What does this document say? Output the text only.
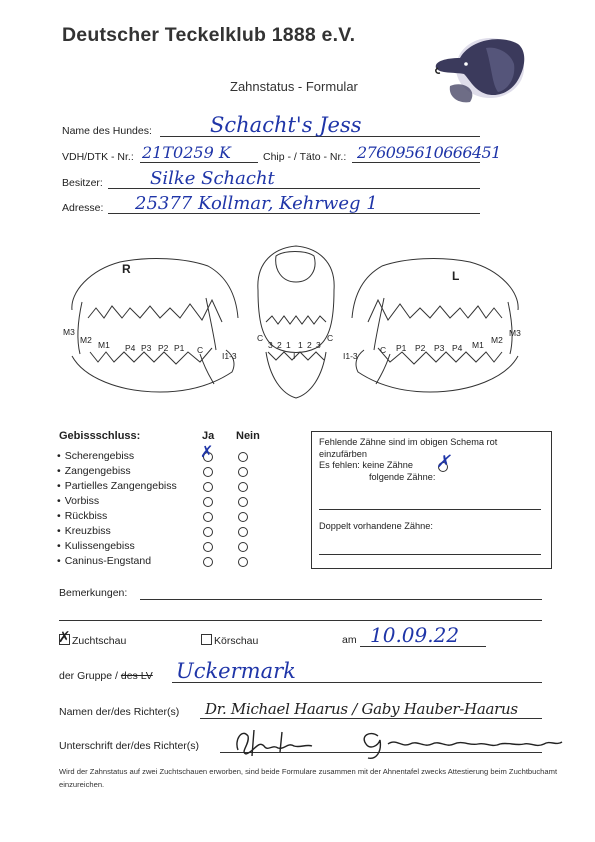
Deutscher Teckelklub 1888 e.V.
Zahnstatus - Formular
Name des Hundes:	Schacht's Jess
VDH/DTK - Nr.: 21T0259 K	Chip - / Täto - Nr.: 276095610666451
Besitzer:	Silke Schacht
Adresse: 25377 Kollmar, Kehrweg 1
R	L
M3
M2 M1 P4 P3 P2 P1 C
I1-3
C
3 2 1 1 2 3
C
I	I1-3
C P1 P2 P3 P4 M1 M2
M3
Gebissschluss:	Ja Nein
• Scherengebiss	✗
• Zangengebiss
• Partielles Zangengebiss
• Vorbiss
• Rückbiss
• Kreuzbiss
• Kulissengebiss
• Caninus-Engstand
Fehlende Zähne sind im obigen Schema rot einzufärben
Es fehlen: keine Zähne ✗
folgende Zähne:
Doppelt vorhandene Zähne:
Bemerkungen:
✗ Zuchtschau	Körschau	am 10.09.22
der Gruppe / des LV Uckermark
Namen der/des Richter(s) Dr. Michael Haarus / Gaby Hauber-Haarus
Unterschrift der/des Richter(s)
Wird der Zahnstatus auf zwei Zuchtschauen erworben, sind beide Formulare zusammen mit der Ahnentafel zwecks Attestierung beim Zuchtbuchamt einzureichen.
